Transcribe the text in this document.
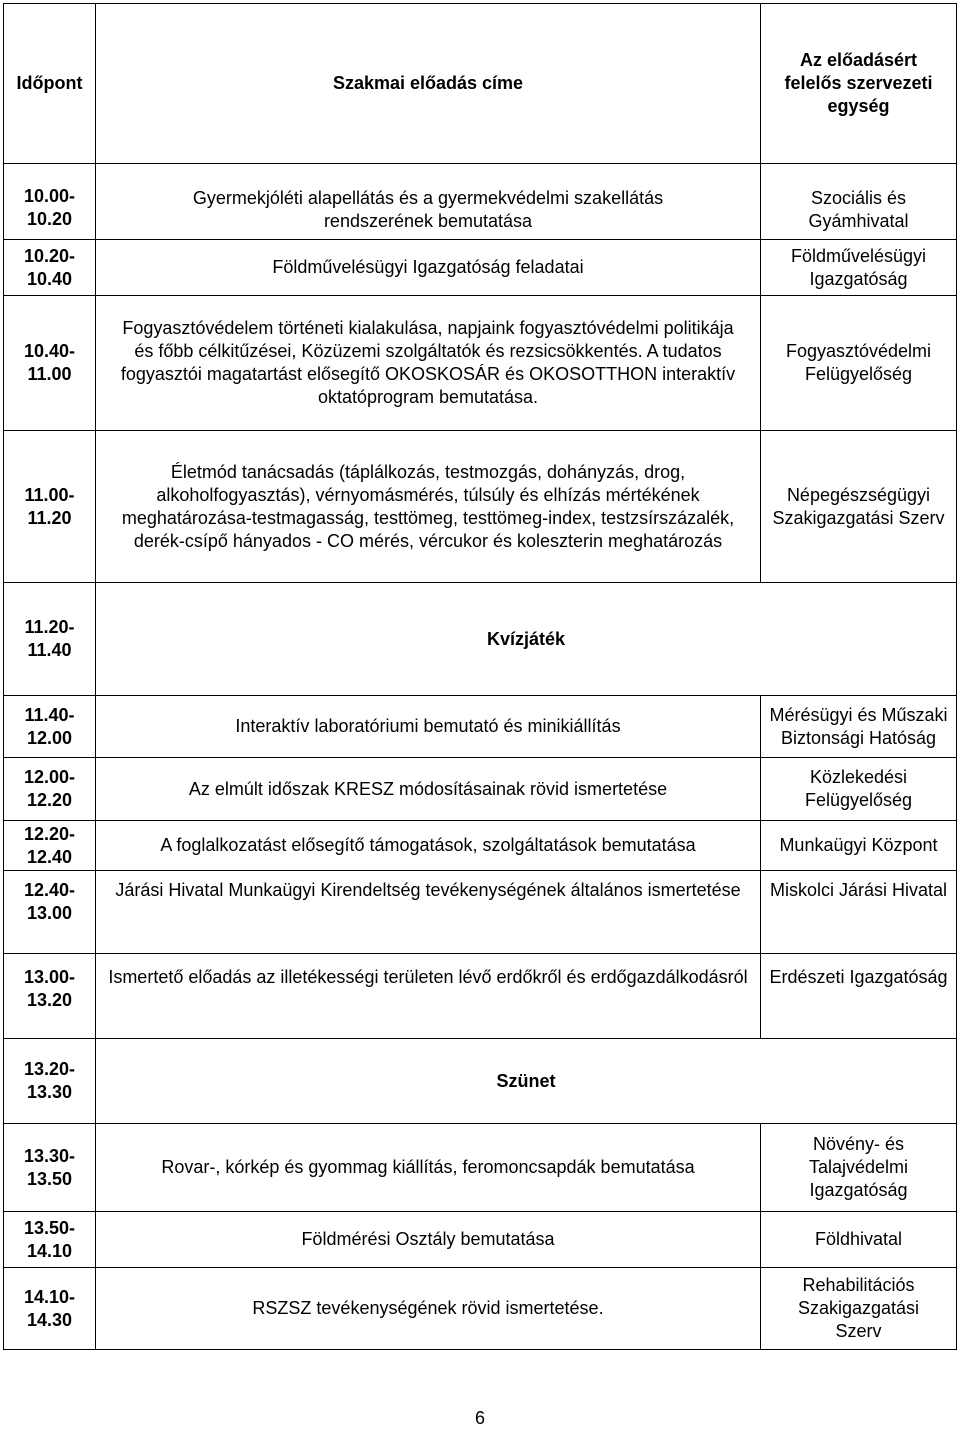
Időpont	Szakmai előadás címe	Az előadásért felelős szervezeti egység
10.00-
10.20	Gyermekjóléti alapellátás és a gyermekvédelmi szakellátás rendszerének bemutatása	Szociális és Gyámhivatal
10.20-
10.40	Földművelésügyi Igazgatóság feladatai	Földművelésügyi Igazgatóság
10.40-
11.00	Fogyasztóvédelem történeti kialakulása, napjaink fogyasztóvédelmi politikája és főbb célkitűzései, Közüzemi szolgáltatók és rezsicsökkentés. A tudatos fogyasztói magatartást elősegítő OKOSKOSÁR és OKOSOTTHON interaktív oktatóprogram bemutatása.	Fogyasztóvédelmi Felügyelőség
11.00-
11.20	Életmód tanácsadás (táplálkozás, testmozgás, dohányzás, drog, alkoholfogyasztás), vérnyomásmérés, túlsúly és elhízás mértékének meghatározása-testmagasság, testtömeg, testtömeg-index, testzsírszázalék, derék-csípő hányados - CO mérés, vércukor és koleszterin meghatározás	Népegészségügyi Szakigazgatási Szerv
11.20-
11.40	Kvízjáték	
11.40-
12.00	Interaktív laboratóriumi bemutató és minikiállítás	Mérésügyi és Műszaki Biztonsági Hatóság
12.00-
12.20	Az elmúlt időszak KRESZ módosításainak rövid ismertetése	Közlekedési Felügyelőség
12.20-
12.40	A foglalkozatást elősegítő támogatások, szolgáltatások bemutatása	Munkaügyi Központ
12.40-
13.00	Járási Hivatal Munkaügyi Kirendeltség tevékenységének általános ismertetése	Miskolci Járási Hivatal
13.00-
13.20	Ismertető előadás az illetékességi területen lévő erdőkről és erdőgazdálkodásról	Erdészeti Igazgatóság
13.20-
13.30	Szünet	
13.30-
13.50	Rovar-, kórkép és gyommag kiállítás, feromoncsapdák bemutatása	Növény- és Talajvédelmi Igazgatóság
13.50-
14.10	Földmérési Osztály bemutatása	Földhivatal
14.10-
14.30	RSZSZ tevékenységének rövid ismertetése.	Rehabilitációs Szakigazgatási Szerv
6
